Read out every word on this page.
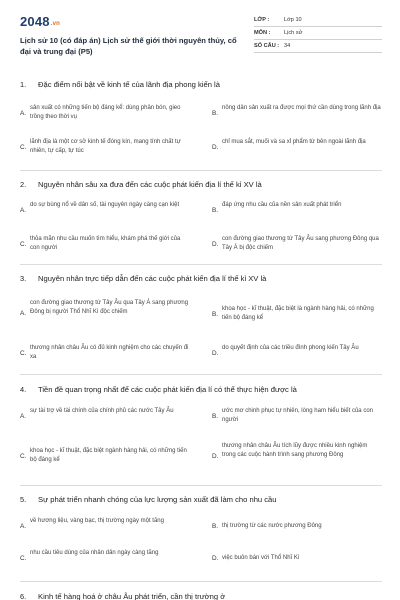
2048.vn
Lịch sử 10 (có đáp án) Lịch sử thế giới thời nguyên thủy, cổ đại và trung đại (P5)
LỚP :	Lớp 10
MÔN : Lịch sử
SỐ CÂU : 34
1. Đặc điểm nổi bật về kinh tế của lãnh địa phong kiến là
A.
sản xuất có những tiến bộ đáng kể: dùng phân bón, gieo trồng theo thời vụ	B.
nông dân sản xuất ra được mọi thứ cần dùng trong lãnh địa
C.
lãnh địa là một cơ sở kinh tế đóng kín, mang tính chất tự nhiên, tự cấp, tự túc	D.
chỉ mua sắt, muối và sa xỉ phẩm từ bên ngoài lãnh địa
2. Nguyên nhân sâu xa đưa đến các cuộc phát kiến địa lí thế kỉ XV là
A.
do sự bùng nổ về dân số, tài nguyên ngày càng cạn kiệt
B.
đáp ứng nhu cầu của nền sản xuất phát triển
C.
thỏa mãn nhu cầu muốn tìm hiểu, khám phá thế giới của con người	D.
con đường giao thương từ Tây Âu sang phương Đông qua Tây Á bị độc chiếm
3. Nguyên nhân trực tiếp dẫn đến các cuộc phát kiến địa lí thế kỉ XV là
A.
con đường giao thương từ Tây Âu qua Tây Á sang phương Đông bị người Thổ Nhĩ Kì độc chiếm	B.
khoa học - kĩ thuật, đặc biệt là ngành hàng hải, có những tiến bộ đáng kể
C.
thương nhân châu Âu có đủ kinh nghiệm cho các chuyến đi xa	D.
do quyết định của các triều đình phong kiến Tây Âu
4. Tiền đề quan trọng nhất để các cuộc phát kiến địa lí có thể thực hiện được là
A.
sự tài trợ về tài chính của chính phủ các nước Tây Âu
B.
ước mơ chinh phục tự nhiên, lòng ham hiểu biết của con người
C.
khoa học - kĩ thuật, đặc biệt ngành hàng hải, có những tiến bộ đáng kể	D.
thương nhân châu Âu tích lũy được nhiều kinh nghiệm trong các cuộc hành trình sang phương Đông
5. Sự phát triển nhanh chóng của lực lượng sản xuất đã làm cho nhu cầu
A.
về hương liệu, vàng bạc, thị trường ngày một tăng
B. thị trường từ các nước phương Đông
C.
nhu cầu tiêu dùng của nhân dân ngày càng tăng
D. việc buôn bán với Thổ Nhĩ Kì
6. Kinh tế hàng hoá ở châu Âu phát triển, cần thị trường ở
